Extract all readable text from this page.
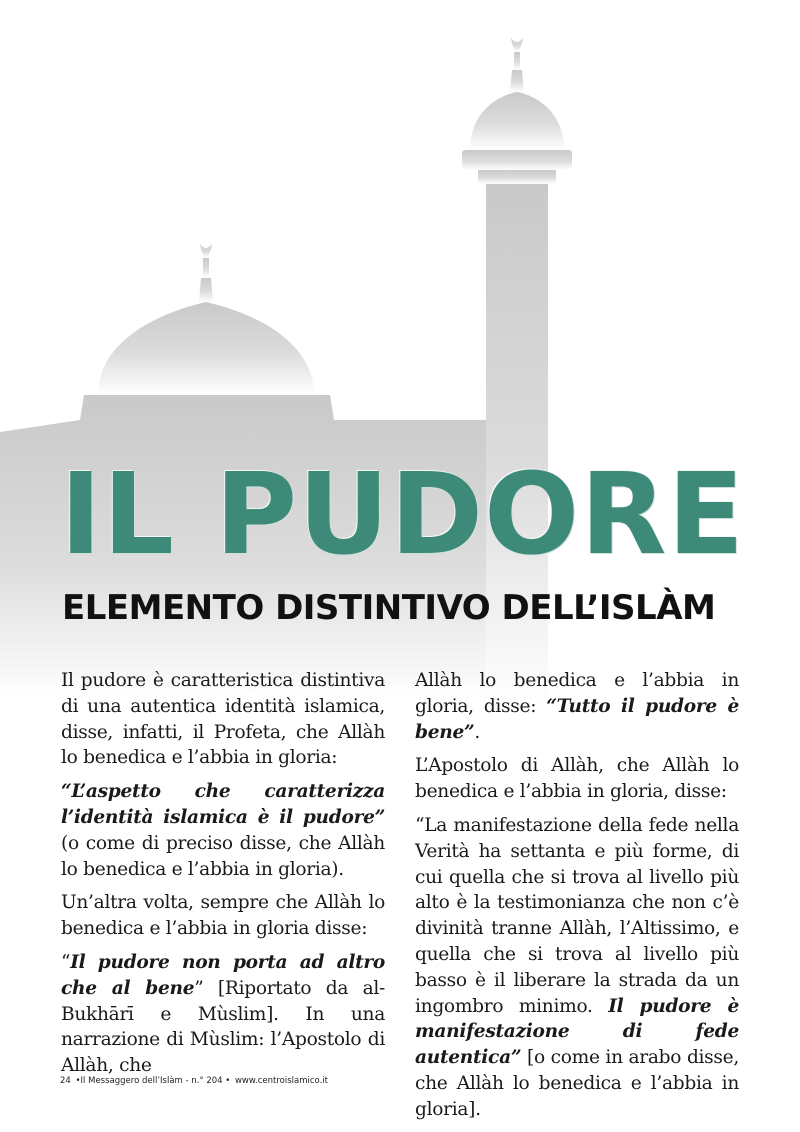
IL PUDORE
ELEMENTO DISTINTIVO DELL’ISLÀM

Il pudore è caratteristica distintiva di una autentica identità islamica, disse, infatti, il Profeta, che Allàh lo benedica e l’abbia in gloria:

“L’aspetto che caratterizza l’identità islamica è il pudore” (o come di preciso disse, che Allàh lo benedica e l’abbia in gloria).

Un’altra volta, sempre che Allàh lo benedica e l’abbia in gloria disse:

“Il pudore non porta ad altro che al bene” [Riportato da al-Bukhārī e Mùslim]. In una narrazione di Mùslim: l’Apostolo di Allàh, che

Allàh lo benedica e l’abbia in gloria, disse: “Tutto il pudore è bene”.

L’Apostolo di Allàh, che Allàh lo benedica e l’abbia in gloria, disse:

“La manifestazione della fede nella Verità ha settanta e più forme, di cui quella che si trova al livello più alto è la testimonianza che non c’è divinità tranne Allàh, l’Altissimo, e quella che si trova al livello più basso è il liberare la strada da un ingombro minimo. Il pudore è manifestazione di fede autentica” [o come in arabo disse, che Allàh lo benedica e l’abbia in gloria].

24 •Il Messaggero dell’Islàm - n.° 204 • www.centroislamico.it
